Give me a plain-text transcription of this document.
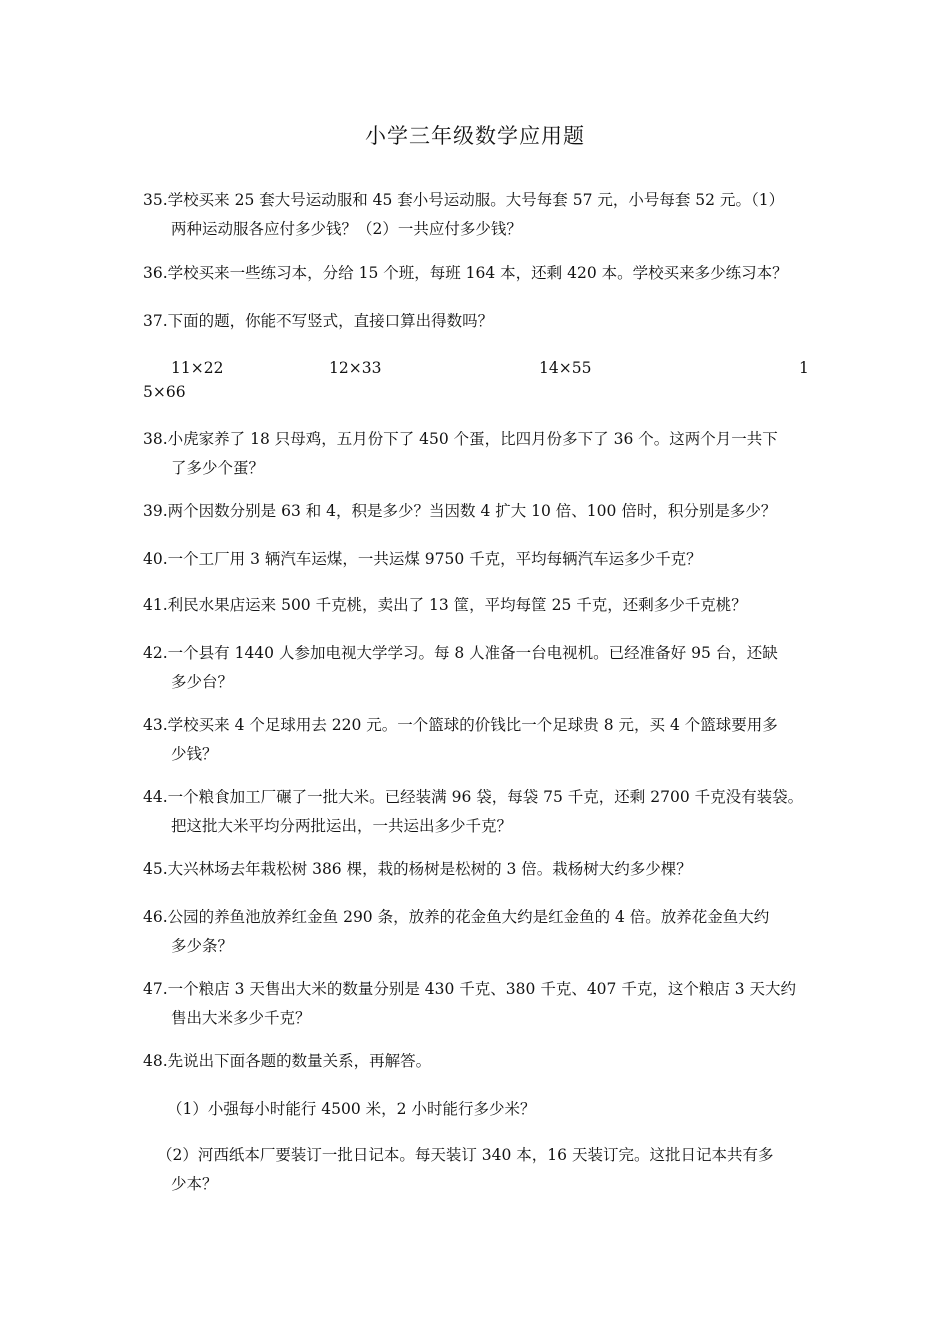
小学三年级数学应用题
35.学校买来 25 套大号运动服和 45 套小号运动服。大号每套 57 元，小号每套 52 元。（1）
两种运动服各应付多少钱？（2）一共应付多少钱？
36.学校买来一些练习本，分给 15 个班，每班 164 本，还剩 420 本。学校买来多少练习本？
37.下面的题，你能不写竖式，直接口算出得数吗？
11×22	12×33	14×55	1
5×66
38.小虎家养了 18 只母鸡，五月份下了 450 个蛋，比四月份多下了 36 个。这两个月一共下
了多少个蛋？
39.两个因数分别是 63 和 4，积是多少？当因数 4 扩大 10 倍、100 倍时，积分别是多少？
40.一个工厂用 3 辆汽车运煤，一共运煤 9750 千克，平均每辆汽车运多少千克？
41.利民水果店运来 500 千克桃，卖出了 13 筐，平均每筐 25 千克，还剩多少千克桃？
42.一个县有 1440 人参加电视大学学习。每 8 人准备一台电视机。已经准备好 95 台，还缺
多少台？
43.学校买来 4 个足球用去 220 元。一个篮球的价钱比一个足球贵 8 元，买 4 个篮球要用多
少钱？
44.一个粮食加工厂碾了一批大米。已经装满 96 袋，每袋 75 千克，还剩 2700 千克没有装袋。
把这批大米平均分两批运出，一共运出多少千克？
45.大兴林场去年栽松树 386 棵，栽的杨树是松树的 3 倍。栽杨树大约多少棵？
46.公园的养鱼池放养红金鱼 290 条，放养的花金鱼大约是红金鱼的 4 倍。放养花金鱼大约
多少条？
47.一个粮店 3 天售出大米的数量分别是 430 千克、380 千克、407 千克，这个粮店 3 天大约
售出大米多少千克？
48.先说出下面各题的数量关系，再解答。
（1）小强每小时能行 4500 米，2 小时能行多少米？
（2）河西纸本厂要装订一批日记本。每天装订 340 本，16 天装订完。这批日记本共有多
少本？
